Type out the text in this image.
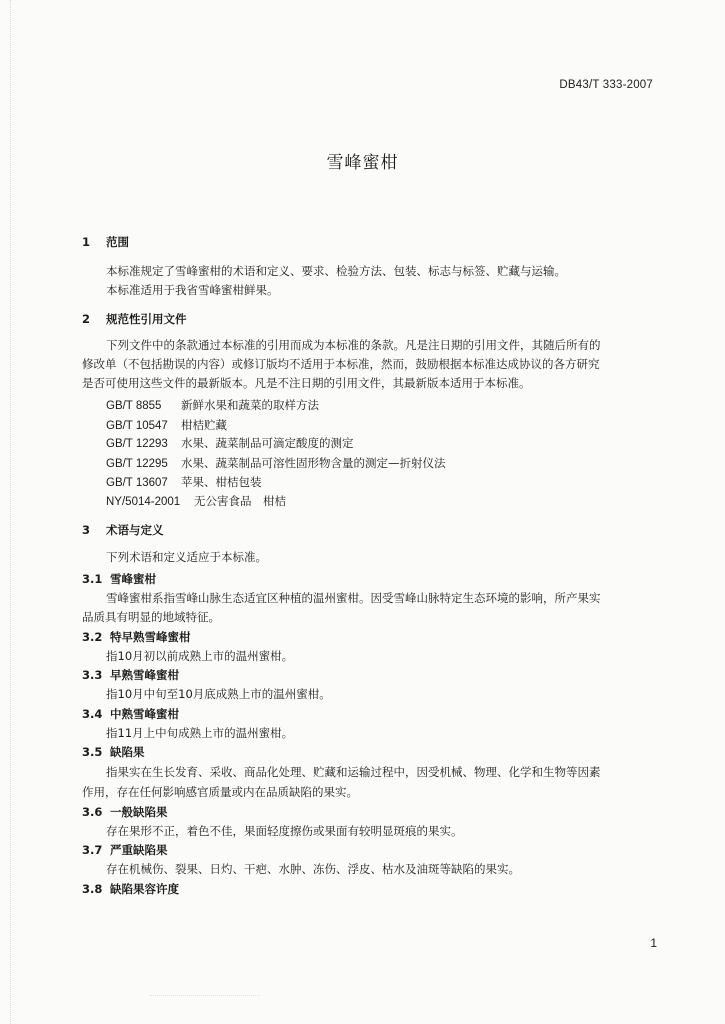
DB43/T 333-2007
雪峰蜜柑
1 范围
本标准规定了雪峰蜜柑的术语和定义、要求、检验方法、包装、标志与标签、贮藏与运输。
本标准适用于我省雪峰蜜柑鲜果。
2 规范性引用文件
下列文件中的条款通过本标准的引用而成为本标准的条款。凡是注日期的引用文件，其随后所有的
修改单（不包括勘误的内容）或修订版均不适用于本标准，然而，鼓励根据本标准达成协议的各方研究
是否可使用这些文件的最新版本。凡是不注日期的引用文件，其最新版本适用于本标准。
GB/T 8855 新鲜水果和蔬菜的取样方法
GB/T 10547 柑桔贮藏
GB/T 12293 水果、蔬菜制品可滴定酸度的测定
GB/T 12295 水果、蔬菜制品可溶性固形物含量的测定—折射仪法
GB/T 13607 苹果、柑桔包装
NY/5014-2001 无公害食品　柑桔
3 术语与定义
下列术语和定义适应于本标准。
3.1 雪峰蜜柑
雪峰蜜柑系指雪峰山脉生态适宜区种植的温州蜜柑。因受雪峰山脉特定生态环境的影响，所产果实
品质具有明显的地域特征。
3.2 特早熟雪峰蜜柑
指10月初以前成熟上市的温州蜜柑。
3.3 早熟雪峰蜜柑
指10月中旬至10月底成熟上市的温州蜜柑。
3.4 中熟雪峰蜜柑
指11月上中旬成熟上市的温州蜜柑。
3.5 缺陷果
指果实在生长发育、采收、商品化处理、贮藏和运输过程中，因受机械、物理、化学和生物等因素
作用，存在任何影响感官质量或内在品质缺陷的果实。
3.6 一般缺陷果
存在果形不正，着色不佳，果面轻度擦伤或果面有较明显斑痕的果实。
3.7 严重缺陷果
存在机械伤、裂果、日灼、干疤、水肿、冻伤、浮皮、枯水及油斑等缺陷的果实。
3.8 缺陷果容许度
1
